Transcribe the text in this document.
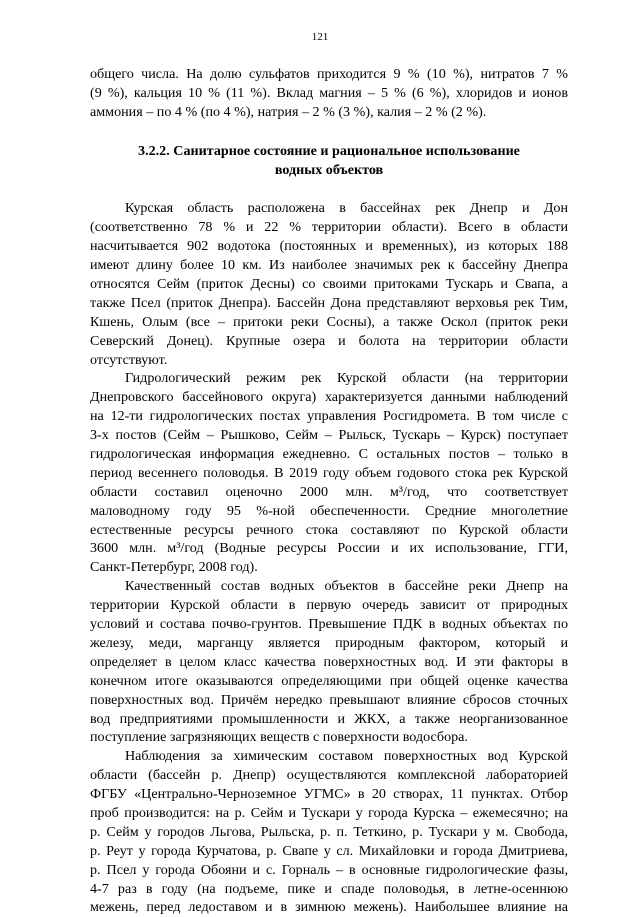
121
общего числа. На долю сульфатов приходится 9 % (10 %), нитратов 7 %
(9 %), кальция 10 % (11 %). Вклад магния – 5 % (6 %), хлоридов и ионов
аммония – по 4 % (по 4 %), натрия – 2 % (3 %), калия – 2 % (2 %).
3.2.2. Санитарное состояние и рациональное использование
водных объектов
Курская область расположена в бассейнах рек Днепр и Дон
(соответственно 78 % и 22 % территории области). Всего в области
насчитывается 902 водотока (постоянных и временных), из которых 188
имеют длину более 10 км. Из наиболее значимых рек к бассейну Днепра
относятся Сейм (приток Десны) со своими притоками Тускарь и Свапа, а
также Псел (приток Днепра). Бассейн Дона представляют верховья рек Тим,
Кшень, Олым (все – притоки реки Сосны), а также Оскол (приток реки
Северский Донец). Крупные озера и болота на территории области
отсутствуют.
Гидрологический режим рек Курской области (на территории
Днепровского бассейнового округа) характеризуется данными наблюдений
на 12-ти гидрологических постах управления Росгидромета. В том числе с
3-х постов (Сейм – Рышково, Сейм – Рыльск, Тускарь – Курск) поступает
гидрологическая информация ежедневно. С остальных постов – только в
период весеннего половодья. В 2019 году объем годового стока рек Курской
области составил оценочно 2000 млн. м³/год, что соответствует
маловодному году 95 %-ной обеспеченности. Средние многолетние
естественные ресурсы речного стока составляют по Курской области
3600 млн. м³/год (Водные ресурсы России и их использование, ГГИ,
Санкт-Петербург, 2008 год).
Качественный состав водных объектов в бассейне реки Днепр на
территории Курской области в первую очередь зависит от природных
условий и состава почво-грунтов. Превышение ПДК в водных объектах по
железу, меди, марганцу является природным фактором, который и
определяет в целом класс качества поверхностных вод. И эти факторы в
конечном итоге оказываются определяющими при общей оценке качества
поверхностных вод. Причём нередко превышают влияние сбросов сточных
вод предприятиями промышленности и ЖКХ, а также неорганизованное
поступление загрязняющих веществ с поверхности водосбора.
Наблюдения за химическим составом поверхностных вод Курской
области (бассейн р. Днепр) осуществляются комплексной лабораторией
ФГБУ «Центрально-Черноземное УГМС» в 20 створах, 11 пунктах. Отбор
проб производится: на р. Сейм и Тускари у города Курска – ежемесячно; на
р. Сейм у городов Льгова, Рыльска, р. п. Теткино, р. Тускари у м. Свобода,
р. Реут у города Курчатова, р. Свапе у сл. Михайловки и города Дмитриева,
р. Псел у города Обояни и с. Горналь – в основные гидрологические фазы,
4-7 раз в году (на подъеме, пике и спаде половодья, в летне-осеннюю
межень, перед ледоставом и в зимнюю межень). Наибольшее влияние на
